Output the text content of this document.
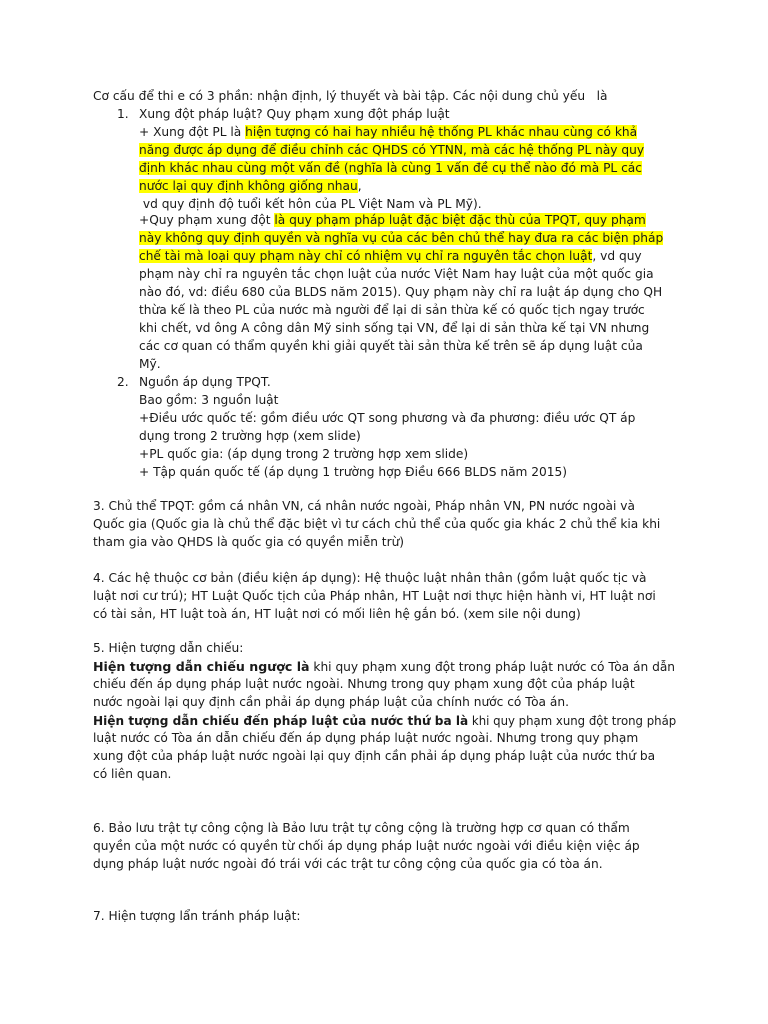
Cơ cấu để thi e có 3 phần: nhận định, lý thuyết và bài tập. Các nội dung chủ yếu   là
1. Xung đột pháp luật? Quy phạm xung đột pháp luật
+ Xung đột PL là hiện tượng có hai hay nhiều hệ thống PL khác nhau cùng có khả
năng được áp dụng để điều chỉnh các QHDS có YTNN, mà các hệ thống PL này quy
định khác nhau cùng một vấn đề (nghĩa là cùng 1 vấn đề cụ thể nào đó mà PL các
nước lại quy định không giống nhau,
vd quy định độ tuổi kết hôn của PL Việt Nam và PL Mỹ).
+Quy phạm xung đột là quy phạm pháp luật đặc biệt đặc thù của TPQT, quy phạm
này không quy định quyền và nghĩa vụ của các bên chủ thể hay đưa ra các biện pháp
chế tài mà loại quy phạm này chỉ có nhiệm vụ chỉ ra nguyên tắc chọn luật, vd quy
phạm này chỉ ra nguyên tắc chọn luật của nước Việt Nam hay luật của một quốc gia
nào đó, vd: điều 680 của BLDS năm 2015). Quy phạm này chỉ ra luật áp dụng cho QH
thừa kế là theo PL của nước mà người để lại di sản thừa kế có quốc tịch ngay trước
khi chết, vd ông A công dân Mỹ sinh sống tại VN, để lại di sản thừa kế tại VN nhưng
các cơ quan có thẩm quyền khi giải quyết tài sản thừa kế trên sẽ áp dụng luật của
Mỹ.
2. Nguồn áp dụng TPQT.
Bao gồm: 3 nguồn luật
+Điều ước quốc tế: gồm điều ước QT song phương và đa phương: điều ước QT áp
dụng trong 2 trường hợp (xem slide)
+PL quốc gia: (áp dụng trong 2 trường hợp xem slide)
+ Tập quán quốc tế (áp dụng 1 trường hợp Điều 666 BLDS năm 2015)
3. Chủ thể TPQT: gồm cá nhân VN, cá nhân nước ngoài, Pháp nhân VN, PN nước ngoài và
Quốc gia (Quốc gia là chủ thể đặc biệt vì tư cách chủ thể của quốc gia khác 2 chủ thể kia khi
tham gia vào QHDS là quốc gia có quyền miễn trừ)
4. Các hệ thuộc cơ bản (điều kiện áp dụng): Hệ thuộc luật nhân thân (gồm luật quốc tịc và
luật nơi cư trú); HT Luật Quốc tịch của Pháp nhân, HT Luật nơi thực hiện hành vi, HT luật nơi
có tài sản, HT luật toà án, HT luật nơi có mối liên hệ gắn bó. (xem sile nội dung)
5. Hiện tượng dẫn chiếu:
Hiện tượng dẫn chiếu ngược là khi quy phạm xung đột trong pháp luật nước có Tòa án dẫn
chiếu đến áp dụng pháp luật nước ngoài. Nhưng trong quy phạm xung đột của pháp luật
nước ngoài lại quy định cần phải áp dụng pháp luật của chính nước có Tòa án.
Hiện tượng dẫn chiếu đến pháp luật của nước thứ ba là khi quy phạm xung đột trong pháp
luật nước có Tòa án dẫn chiếu đến áp dụng pháp luật nước ngoài. Nhưng trong quy phạm
xung đột của pháp luật nước ngoài lại quy định cần phải áp dụng pháp luật của nước thứ ba
có liên quan.
6. Bảo lưu trật tự công cộng là Bảo lưu trật tự công cộng là trường hợp cơ quan có thẩm
quyền của một nước có quyền từ chối áp dụng pháp luật nước ngoài với điều kiện việc áp
dụng pháp luật nước ngoài đó trái với các trật tư công cộng của quốc gia có tòa án.
7. Hiện tượng lẩn tránh pháp luật:
